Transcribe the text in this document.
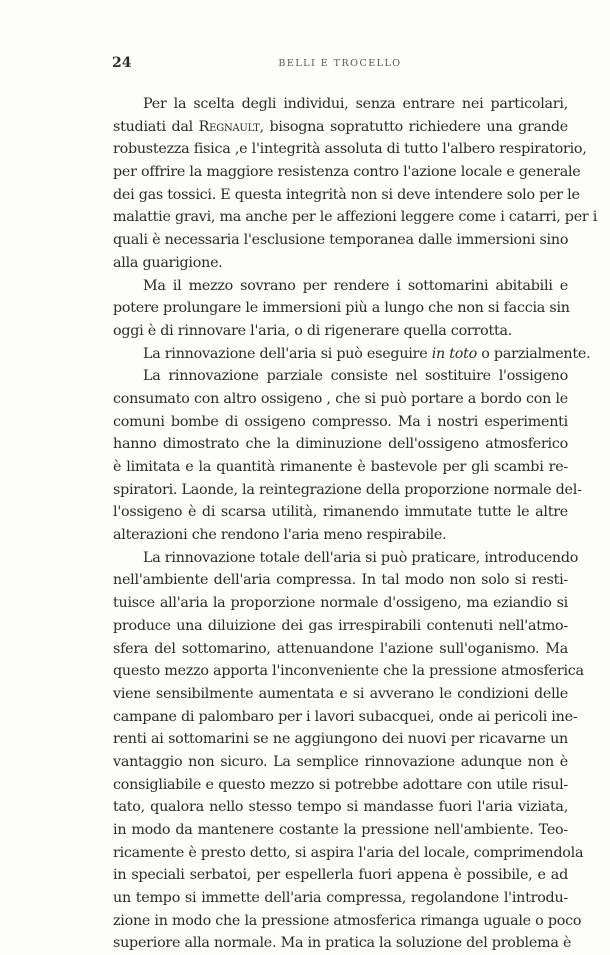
24	BELLI E TROCELLO
Per la scelta degli individui, senza entrare nei particolari,
studiati dal Regnault, bisogna sopratutto richiedere una grande
robustezza fisica ,e l'integrità assoluta di tutto l'albero respiratorio,
per offrire la maggiore resistenza contro l'azione locale e generale
dei gas tossici. E questa integrità non si deve intendere solo per le
malattie gravi, ma anche per le affezioni leggere come i catarri, per i
quali è necessaria l'esclusione temporanea dalle immersioni sino
alla guarigione.
Ma il mezzo sovrano per rendere i sottomarini abitabili e
potere prolungare le immersioni più a lungo che non si faccia sin
oggi è di rinnovare l'aria, o di rigenerare quella corrotta.
La rinnovazione dell'aria si può eseguire in toto o parzialmente.
La rinnovazione parziale consiste nel sostituire l'ossigeno
consumato con altro ossigeno , che si può portare a bordo con le
comuni bombe di ossigeno compresso. Ma i nostri esperimenti
hanno dimostrato che la diminuzione dell'ossigeno atmosferico
è limitata e la quantità rimanente è bastevole per gli scambi re-
spiratori. Laonde, la reintegrazione della proporzione normale del-
l'ossigeno è di scarsa utilità, rimanendo immutate tutte le altre
alterazioni che rendono l'aria meno respirabile.
La rinnovazione totale dell'aria si può praticare, introducendo
nell'ambiente dell'aria compressa. In tal modo non solo si resti-
tuisce all'aria la proporzione normale d'ossigeno, ma eziandio si
produce una diluizione dei gas irrespirabili contenuti nell'atmo-
sfera del sottomarino, attenuandone l'azione sull'oganismo. Ma
questo mezzo apporta l'inconveniente che la pressione atmosferica
viene sensibilmente aumentata e si avverano le condizioni delle
campane di palombaro per i lavori subacquei, onde ai pericoli ine-
renti ai sottomarini se ne aggiungono dei nuovi per ricavarne un
vantaggio non sicuro. La semplice rinnovazione adunque non è
consigliabile e questo mezzo si potrebbe adottare con utile risul-
tato, qualora nello stesso tempo si mandasse fuori l'aria viziata,
in modo da mantenere costante la pressione nell'ambiente. Teo-
ricamente è presto detto, si aspira l'aria del locale, comprimendola
in speciali serbatoi, per espellerla fuori appena è possibile, e ad
un tempo si immette dell'aria compressa, regolandone l'introdu-
zione in modo che la pressione atmosferica rimanga uguale o poco
superiore alla normale. Ma in pratica la soluzione del problema è
